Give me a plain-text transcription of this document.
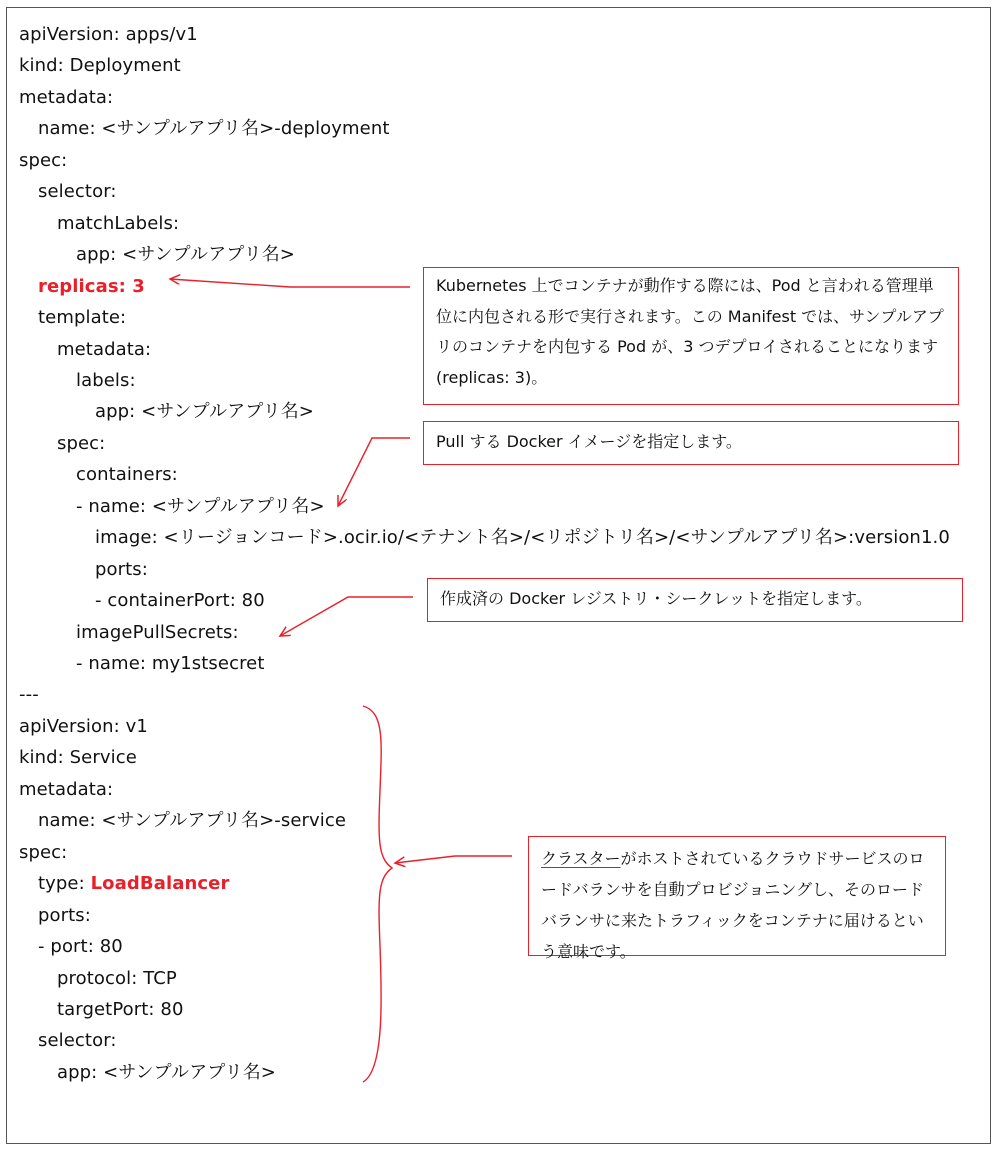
apiVersion: apps/v1
kind: Deployment
metadata:
name: <サンプルアプリ名>-deployment
spec:
selector:
matchLabels:
app: <サンプルアプリ名>
replicas: 3
template:
metadata:
labels:
app: <サンプルアプリ名>
spec:
containers:
- name: <サンプルアプリ名>
image: <リージョンコード>.ocir.io/<テナント名>/<リポジトリ名>/<サンプルアプリ名>:version1.0
ports:
- containerPort: 80
imagePullSecrets:
- name: my1stsecret
---
apiVersion: v1
kind: Service
metadata:
name: <サンプルアプリ名>-service
spec:
type: LoadBalancer
ports:
- port: 80
protocol: TCP
targetPort: 80
selector:
app: <サンプルアプリ名>
Kubernetes 上でコンテナが動作する際には、Pod と言われる管理単位に内包される形で実行されます。この Manifest では、サンプルアプリのコンテナを内包する Pod が、3 つデプロイされることになります(replicas: 3)。
Pull する Docker イメージを指定します。
作成済の Docker レジストリ・シークレットを指定します。
クラスターがホストされているクラウドサービスのロードバランサを自動プロビジョニングし、そのロードバランサに来たトラフィックをコンテナに届けるという意味です。
